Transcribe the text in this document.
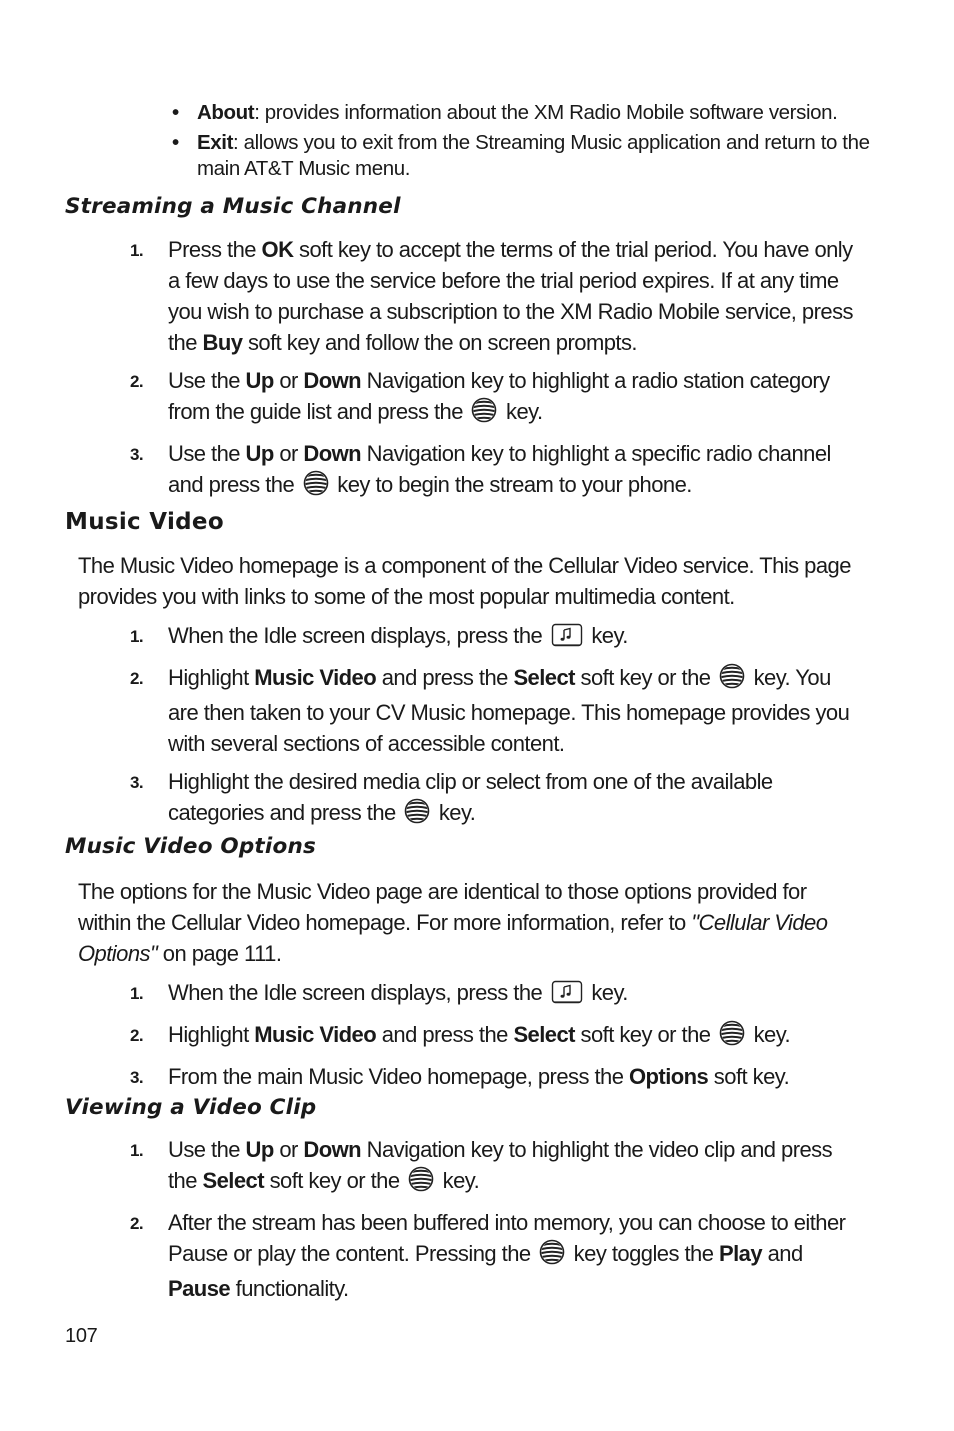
• About: provides information about the XM Radio Mobile software version.
• Exit: allows you to exit from the Streaming Music application and return to the main AT&T Music menu.
Streaming a Music Channel
1. Press the OK soft key to accept the terms of the trial period. You have only a few days to use the service before the trial period expires. If at any time you wish to purchase a subscription to the XM Radio Mobile service, press the Buy soft key and follow the on screen prompts.
2. Use the Up or Down Navigation key to highlight a radio station category from the guide list and press the  key.
3. Use the Up or Down Navigation key to highlight a specific radio channel and press the  key to begin the stream to your phone.
Music Video
The Music Video homepage is a component of the Cellular Video service. This page provides you with links to some of the most popular multimedia content.
1. When the Idle screen displays, press the  key.
2. Highlight Music Video and press the Select soft key or the  key. You are then taken to your CV Music homepage. This homepage provides you with several sections of accessible content.
3. Highlight the desired media clip or select from one of the available categories and press the  key.
Music Video Options
The options for the Music Video page are identical to those options provided for within the Cellular Video homepage. For more information, refer to "Cellular Video Options" on page 111.
1. When the Idle screen displays, press the  key.
2. Highlight Music Video and press the Select soft key or the  key.
3. From the main Music Video homepage, press the Options soft key.
Viewing a Video Clip
1. Use the Up or Down Navigation key to highlight the video clip and press the Select soft key or the  key.
2. After the stream has been buffered into memory, you can choose to either Pause or play the content. Pressing the  key toggles the Play and Pause functionality.
107
